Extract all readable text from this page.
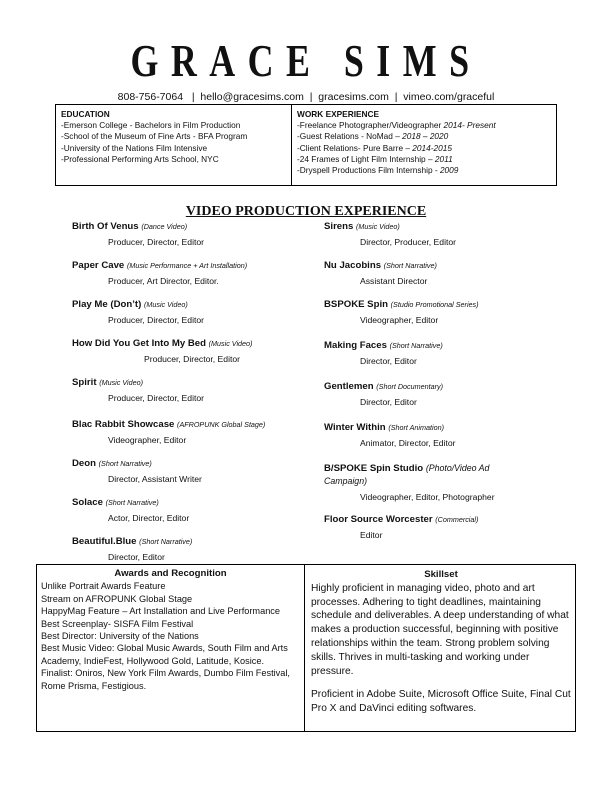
GRACE SIMS
808-756-7064 | hello@gracesims.com | gracesims.com | vimeo.com/graceful
EDUCATION
-Emerson College - Bachelors in Film Production
-School of the Museum of Fine Arts - BFA Program
-University of the Nations Film Intensive
-Professional Performing Arts School, NYC
WORK EXPERIENCE
-Freelance Photographer/Videographer 2014- Present
-Guest Relations - NoMad – 2018 – 2020
-Client Relations- Pure Barre – 2014-2015
-24 Frames of Light Film Internship – 2011
-Dryspell Productions Film Internship - 2009
VIDEO PRODUCTION EXPERIENCE
Birth Of Venus (Dance Video)
Producer, Director, Editor
Paper Cave (Music Performance + Art Installation)
Producer, Art Director, Editor.
Play Me (Don’t) (Music Video)
Producer, Director, Editor
How Did You Get Into My Bed (Music Video)
Producer, Director, Editor
Spirit (Music Video)
Producer, Director, Editor
Blac Rabbit Showcase (AFROPUNK Global Stage)
Videographer, Editor
Deon (Short Narrative)
Director, Assistant Writer
Solace (Short Narrative)
Actor, Director, Editor
Beautiful.Blue (Short Narrative)
Director, Editor
Sirens (Music Video)
Director, Producer, Editor
Nu Jacobins (Short Narrative)
Assistant Director
BSPOKE Spin (Studio Promotional Series)
Videographer, Editor
Making Faces (Short Narrative)
Director, Editor
Gentlemen (Short Documentary)
Director, Editor
Winter Within (Short Animation)
Animator, Director, Editor
B/SPOKE Spin Studio (Photo/Video Ad Campaign)
Videographer, Editor, Photographer
Floor Source Worcester (Commercial)
Editor
Awards and Recognition
Unlike Portrait Awards Feature
Stream on AFROPUNK Global Stage
HappyMag Feature – Art Installation and Live Performance
Best Screenplay- SISFA Film Festival
Best Director: University of the Nations
Best Music Video: Global Music Awards, South Film and Arts Academy, IndieFest, Hollywood Gold, Latitude, Kosice.
Finalist: Oniros, New York Film Awards, Dumbo Film Festival, Rome Prisma, Festigious.
Skillset
Highly proficient in managing video, photo and art processes. Adhering to tight deadlines, maintaining schedule and deliverables. A deep understanding of what makes a production successful, beginning with positive relationships within the team. Strong problem solving skills. Thrives in multi-tasking and working under pressure.
Proficient in Adobe Suite, Microsoft Office Suite, Final Cut Pro X and DaVinci editing softwares.
